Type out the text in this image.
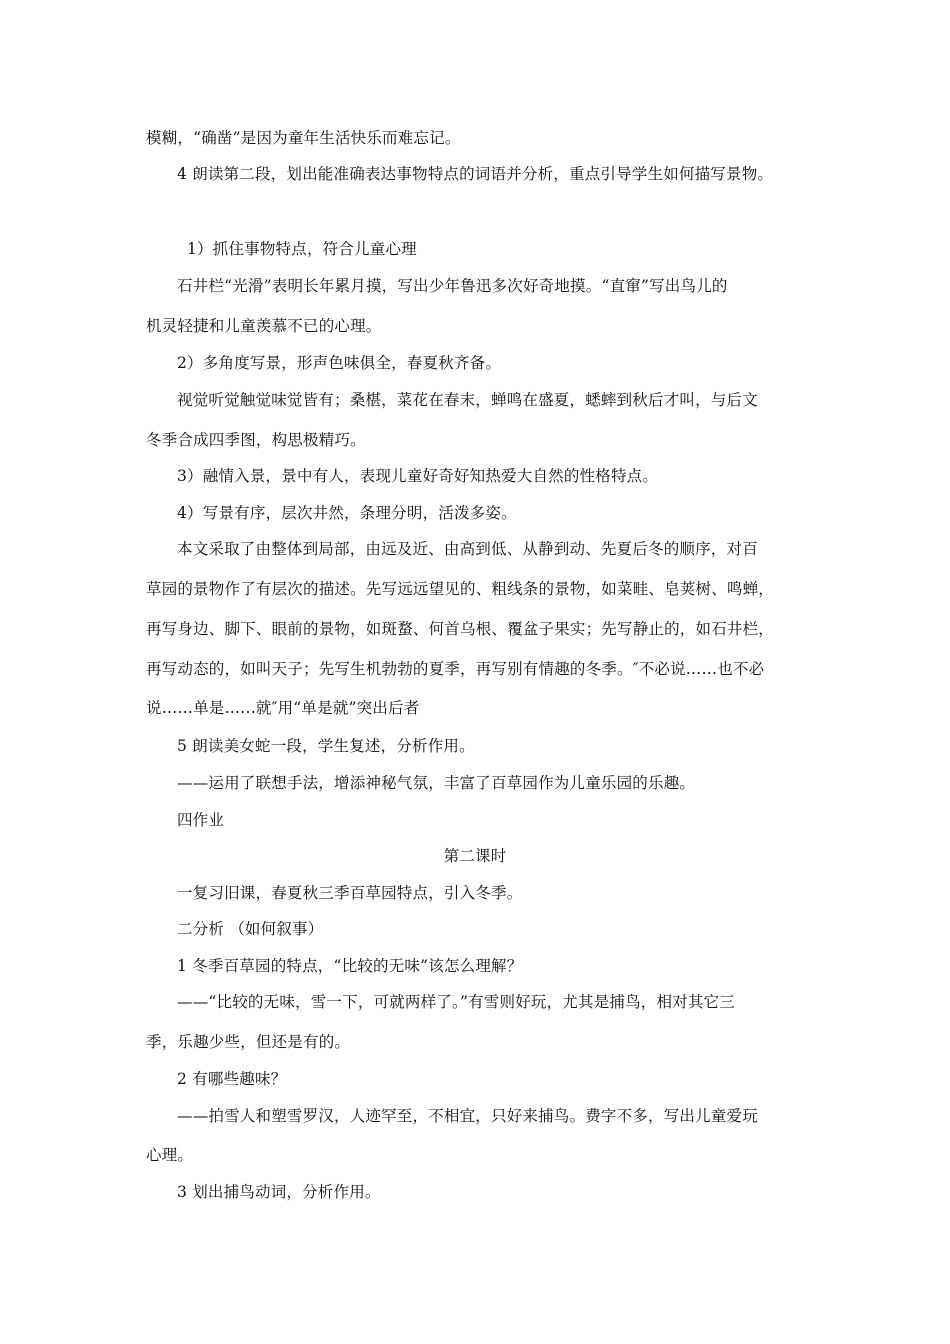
模糊，“确凿”是因为童年生活快乐而难忘记。
4 朗读第二段，划出能准确表达事物特点的词语并分析，重点引导学生如何描写景物。
1）抓住事物特点，符合儿童心理
石井栏“光滑”表明长年累月摸，写出少年鲁迅多次好奇地摸。“直窜”写出鸟儿的
机灵轻捷和儿童羡慕不已的心理。
2）多角度写景，形声色味俱全，春夏秋齐备。
视觉听觉触觉味觉皆有；桑椹，菜花在春末，蝉鸣在盛夏，蟋蟀到秋后才叫，与后文
冬季合成四季图，构思极精巧。
3）融情入景，景中有人，表现儿童好奇好知热爱大自然的性格特点。
4）写景有序，层次井然，条理分明，活泼多姿。
本文采取了由整体到局部，由远及近、由高到低、从静到动、先夏后冬的顺序，对百
草园的景物作了有层次的描述。先写远远望见的、粗线条的景物，如菜畦、皂荚树、鸣蝉，
再写身边、脚下、眼前的景物，如斑蝥、何首乌根、覆盆子果实；先写静止的，如石井栏，
再写动态的，如叫天子；先写生机勃勃的夏季，再写别有情趣的冬季。″不必说……也不必
说……单是……就″用“单是就”突出后者
5 朗读美女蛇一段，学生复述，分析作用。
——运用了联想手法，增添神秘气氛，丰富了百草园作为儿童乐园的乐趣。
四作业
第二课时
一复习旧课，春夏秋三季百草园特点，引入冬季。
二分析 （如何叙事）
1 冬季百草园的特点，“比较的无味”该怎么理解？
——“比较的无味，雪一下，可就两样了。”有雪则好玩，尤其是捕鸟，相对其它三
季，乐趣少些，但还是有的。
2 有哪些趣味？
——拍雪人和塑雪罗汉，人迹罕至，不相宜，只好来捕鸟。费字不多，写出儿童爱玩
心理。
3 划出捕鸟动词，分析作用。
